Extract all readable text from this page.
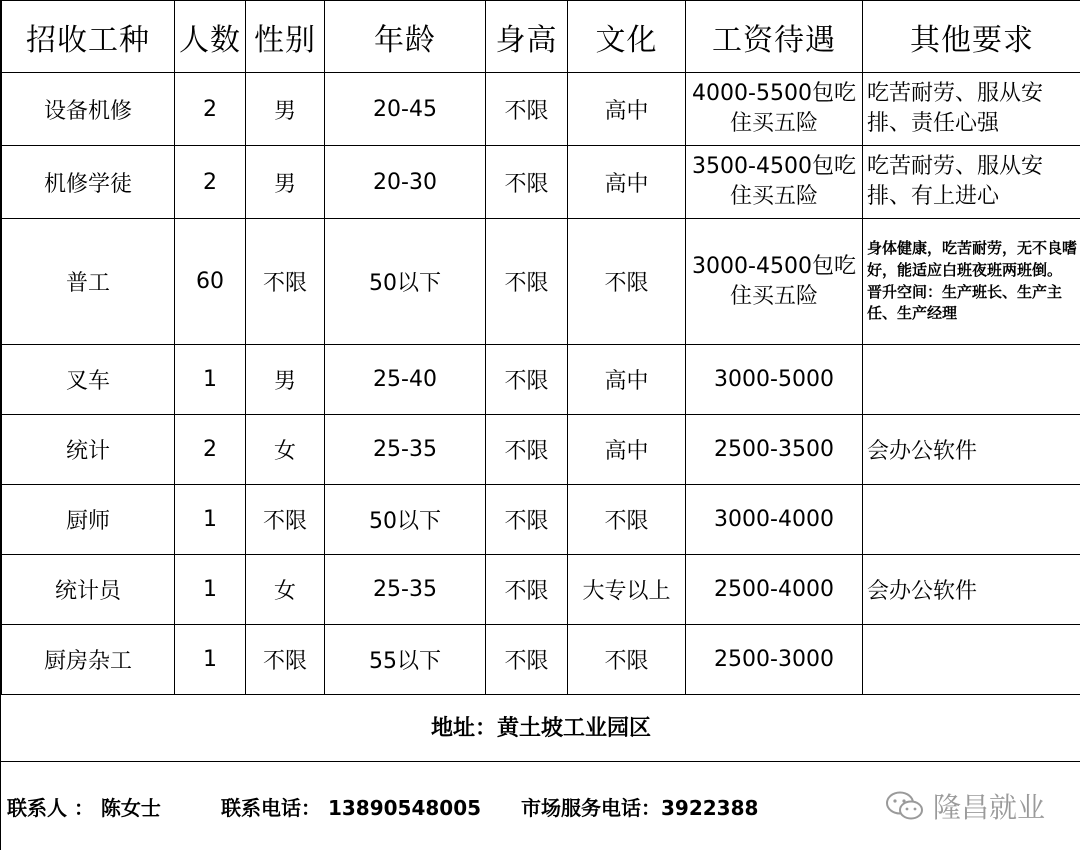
招收工种	人数	性别	年龄	身高	文化	工资待遇	其他要求
设备机修	2	男	20-45	不限	高中	4000-5500包吃住买五险	吃苦耐劳、服从安排、责任心强
机修学徒	2	男	20-30	不限	高中	3500-4500包吃住买五险	吃苦耐劳、服从安排、有上进心
普工	60	不限	50以下	不限	不限	3000-4500包吃住买五险	身体健康，吃苦耐劳，无不良嗜好，能适应白班夜班两班倒。 晋升空间：生产班长、生产主任、生产经理
叉车	1	男	25-40	不限	高中	3000-5000	
统计	2	女	25-35	不限	高中	2500-3500	会办公软件
厨师	1	不限	50以下	不限	不限	3000-4000	
统计员	1	女	25-35	不限	大专以上	2500-4000	会办公软件
厨房杂工	1	不限	55以下	不限	不限	2500-3000	
地址：黄土坡工业园区
联系人 ： 陈女士	联系电话： 13890548005 市场服务电话：3922388	隆昌就业
